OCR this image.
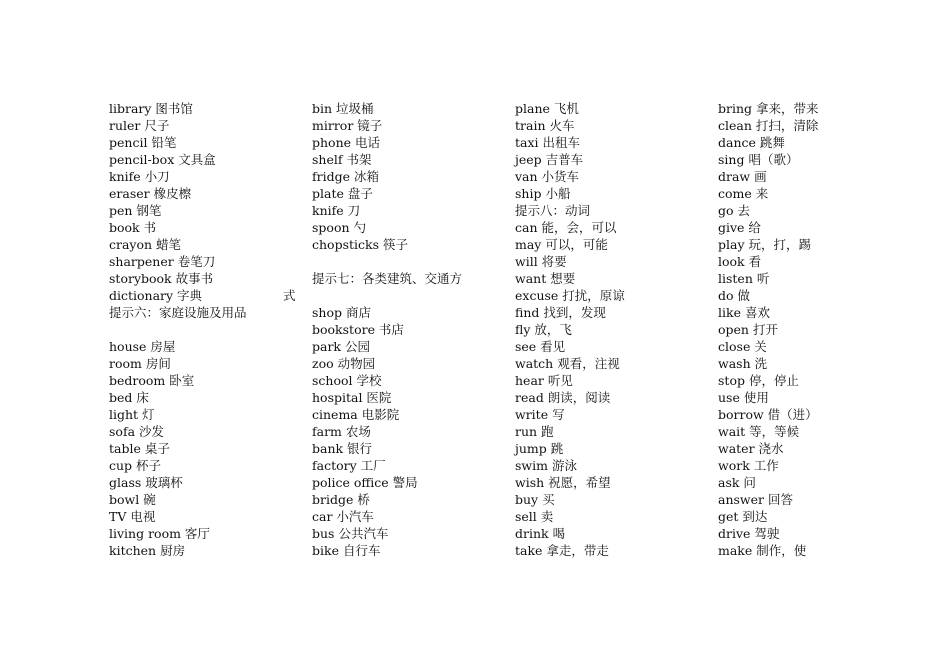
library 图书馆
ruler 尺子
pencil 铅笔
pencil-box 文具盒
knife 小刀
eraser 橡皮檫
pen 钢笔
book 书
crayon 蜡笔
sharpener 卷笔刀
storybook 故事书
dictionary 字典
提示六：家庭设施及用品
house 房屋
room 房间
bedroom 卧室
bed 床
light 灯
sofa 沙发
table 桌子
cup 杯子
glass 玻璃杯
bowl 碗
TV 电视
living room 客厅
kitchen 厨房
bin 垃圾桶
mirror 镜子
phone 电话
shelf 书架
fridge 冰箱
plate 盘子
knife 刀
spoon 勺
chopsticks 筷子
提示七：各类建筑、交通方
shop 商店
bookstore 书店
park 公园
zoo 动物园
school 学校
hospital 医院
cinema 电影院
farm 农场
bank 银行
factory 工厂
police office 警局
bridge 桥
car 小汽车
bus 公共汽车
bike 自行车
plane 飞机
train 火车
taxi 出租车
jeep 吉普车
van 小货车
ship 小船
提示八：动词
can 能，会，可以
may 可以，可能
will 将要
want 想要
excuse 打扰，原谅
find 找到，发现
fly 放，飞
see 看见
watch 观看，注视
hear 听见
read 朗读，阅读
write 写
run 跑
jump 跳
swim 游泳
wish 祝愿，希望
buy 买
sell 卖
drink 喝
take 拿走，带走
bring 拿来，带来
clean 打扫，清除
dance 跳舞
sing 唱（歌）
draw 画
come 来
go 去
give 给
play 玩，打，踢
look 看
listen 听
do 做
like 喜欢
open 打开
close 关
wash 洗
stop 停，停止
use 使用
borrow 借（进）
wait 等，等候
water 浇水
work 工作
ask 问
answer 回答
get 到达
drive 驾驶
make 制作，使
式
